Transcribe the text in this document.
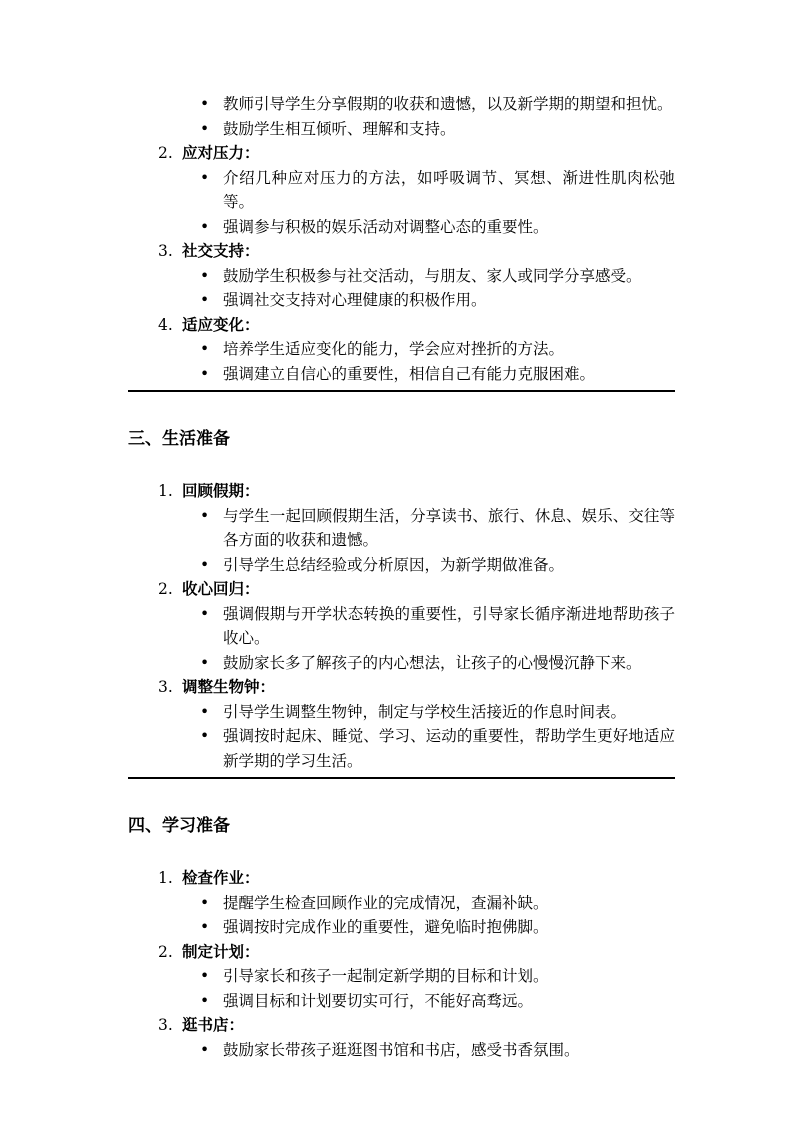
• 教师引导学生分享假期的收获和遗憾，以及新学期的期望和担忧。
• 鼓励学生相互倾听、理解和支持。
2. 应对压力：
• 介绍几种应对压力的方法，如呼吸调节、冥想、渐进性肌肉松弛等。
• 强调参与积极的娱乐活动对调整心态的重要性。
3. 社交支持：
• 鼓励学生积极参与社交活动，与朋友、家人或同学分享感受。
• 强调社交支持对心理健康的积极作用。
4. 适应变化：
• 培养学生适应变化的能力，学会应对挫折的方法。
• 强调建立自信心的重要性，相信自己有能力克服困难。
三、生活准备
1. 回顾假期：
• 与学生一起回顾假期生活，分享读书、旅行、休息、娱乐、交往等各方面的收获和遗憾。
• 引导学生总结经验或分析原因，为新学期做准备。
2. 收心回归：
• 强调假期与开学状态转换的重要性，引导家长循序渐进地帮助孩子收心。
• 鼓励家长多了解孩子的内心想法，让孩子的心慢慢沉静下来。
3. 调整生物钟：
• 引导学生调整生物钟，制定与学校生活接近的作息时间表。
• 强调按时起床、睡觉、学习、运动的重要性，帮助学生更好地适应新学期的学习生活。
四、学习准备
1. 检查作业：
• 提醒学生检查回顾作业的完成情况，查漏补缺。
• 强调按时完成作业的重要性，避免临时抱佛脚。
2. 制定计划：
• 引导家长和孩子一起制定新学期的目标和计划。
• 强调目标和计划要切实可行，不能好高骛远。
3. 逛书店：
• 鼓励家长带孩子逛逛图书馆和书店，感受书香氛围。
